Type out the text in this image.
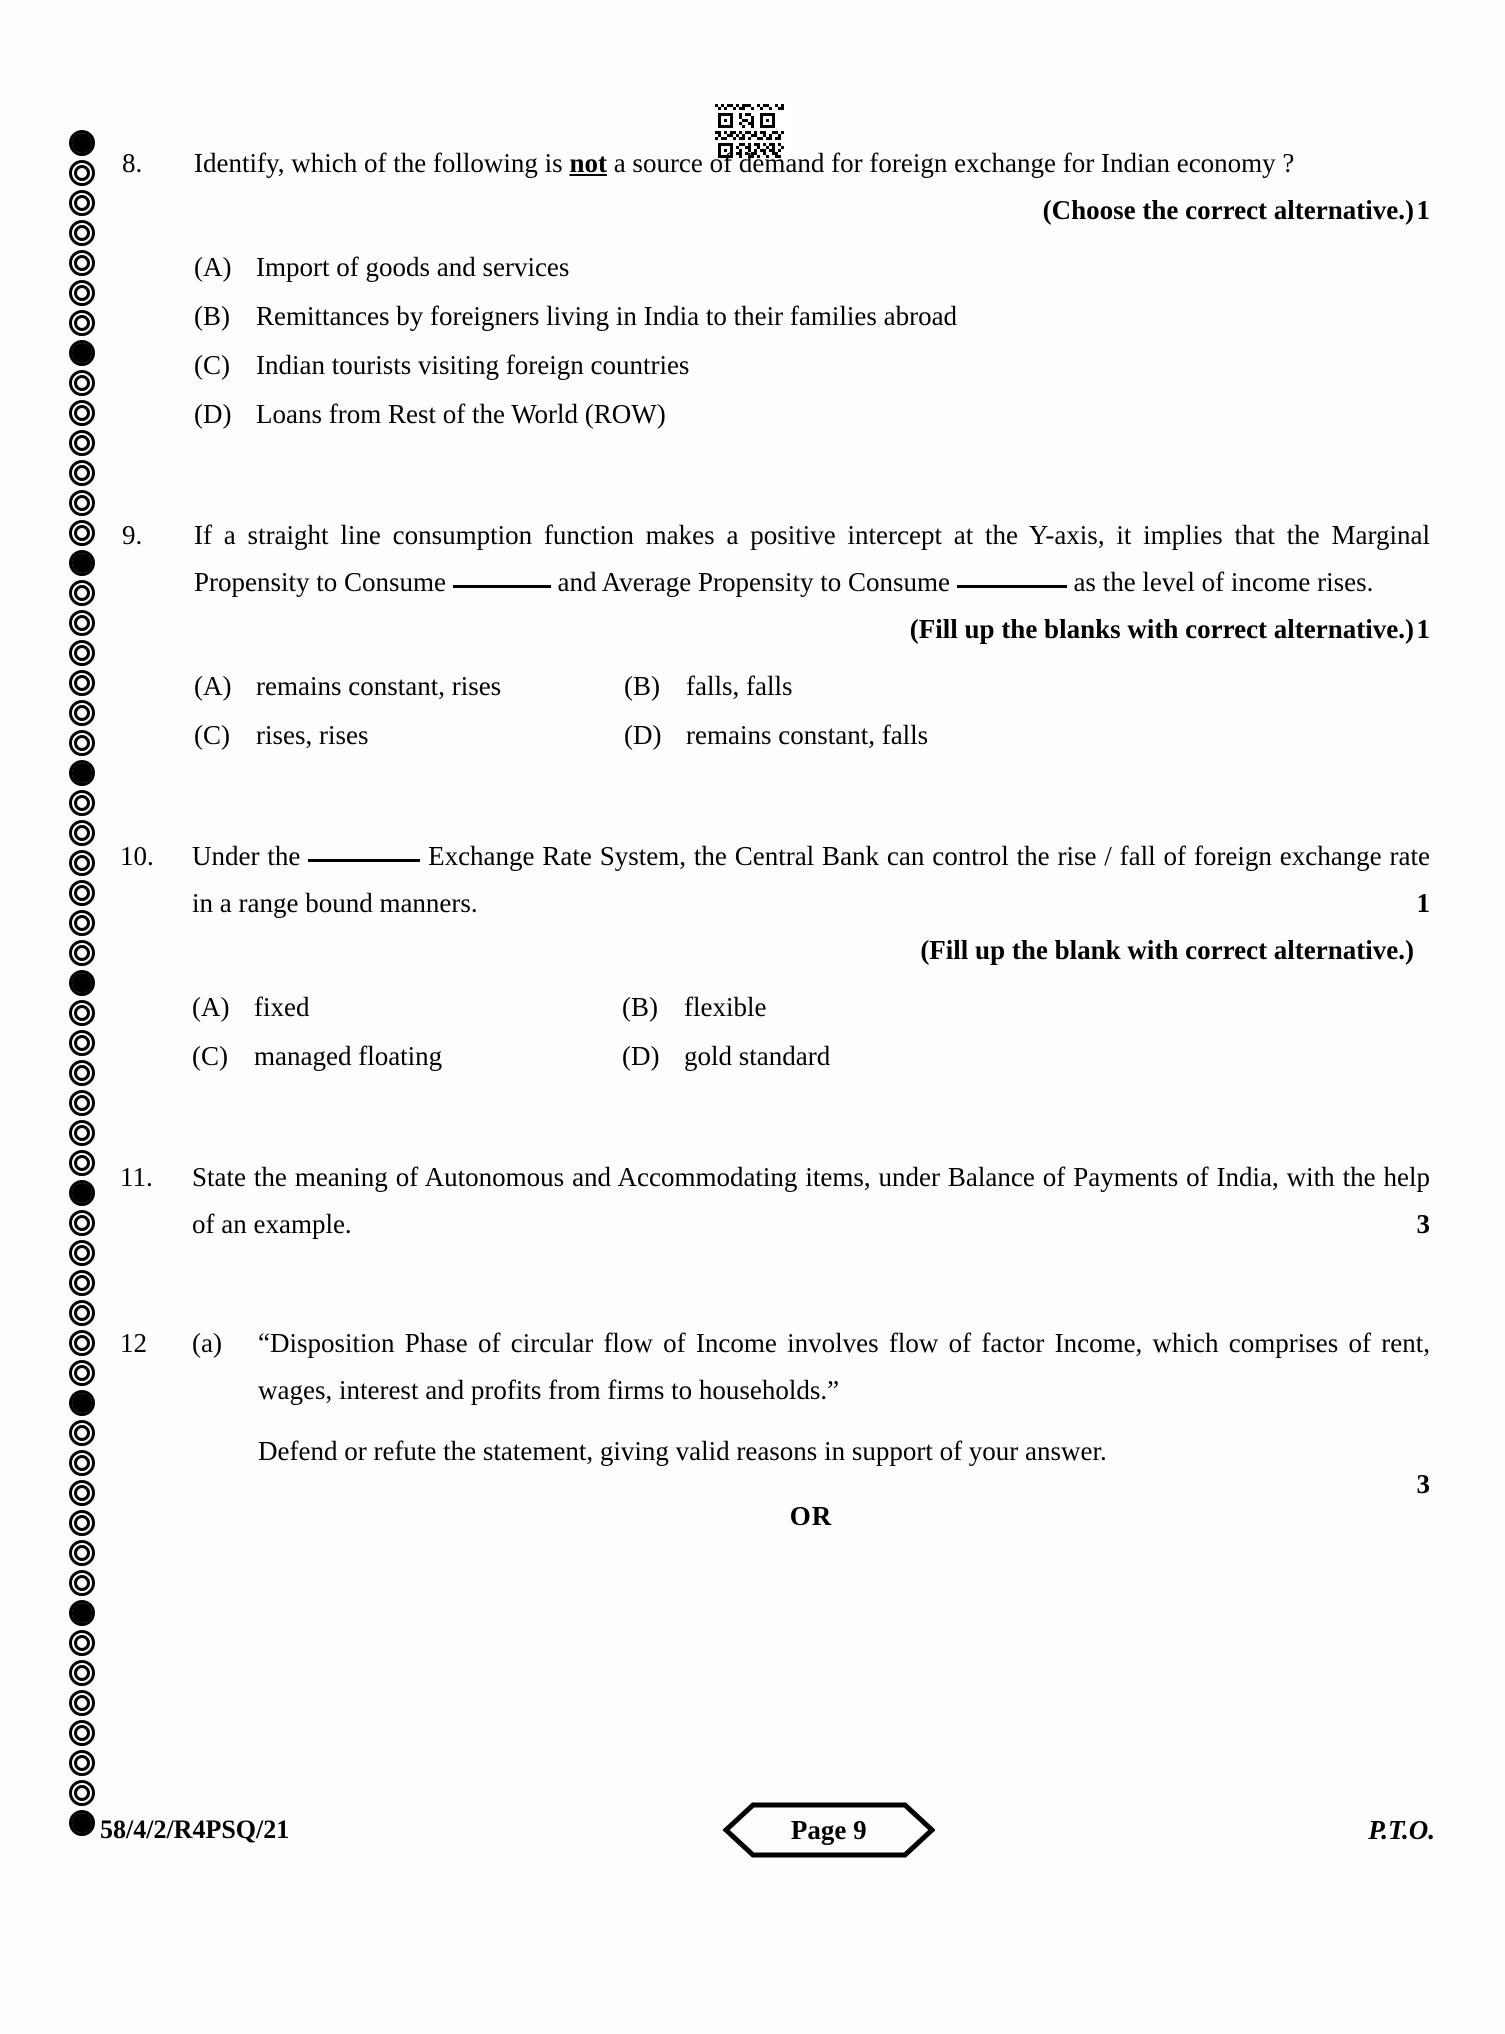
8.	Identify, which of the following is not a source of demand for foreign exchange for Indian economy ?
(Choose the correct alternative.)
(A) Import of goods and services
(B) Remittances by foreigners living in India to their families abroad
(C) Indian tourists visiting foreign countries
(D) Loans from Rest of the World (ROW)
1
9.	If a straight line consumption function makes a positive intercept at the Y-axis, it implies that the Marginal Propensity to Consume	and Average Propensity to Consume	as the level of income rises.
(Fill up the blanks with correct alternative.)
(A) remains constant, rises	(B) falls, falls
(C) rises, rises	(D) remains constant, falls
1
10.	Under the	Exchange Rate System, the Central Bank can control the rise / fall of foreign exchange rate in a range bound manners.
(Fill up the blank with correct alternative.)
(A) fixed	(B) flexible
(C) managed floating	(D) gold standard
1
11.	State the meaning of Autonomous and Accommodating items, under Balance of Payments of India, with the help of an example.	3
12	(a)	“Disposition Phase of circular flow of Income involves flow of factor Income, which comprises of rent, wages, interest and profits from firms to households.”
Defend or refute the statement, giving valid reasons in support of your answer.
OR
3
58/4/2/R4PSQ/21	Page 9	P.T.O.
